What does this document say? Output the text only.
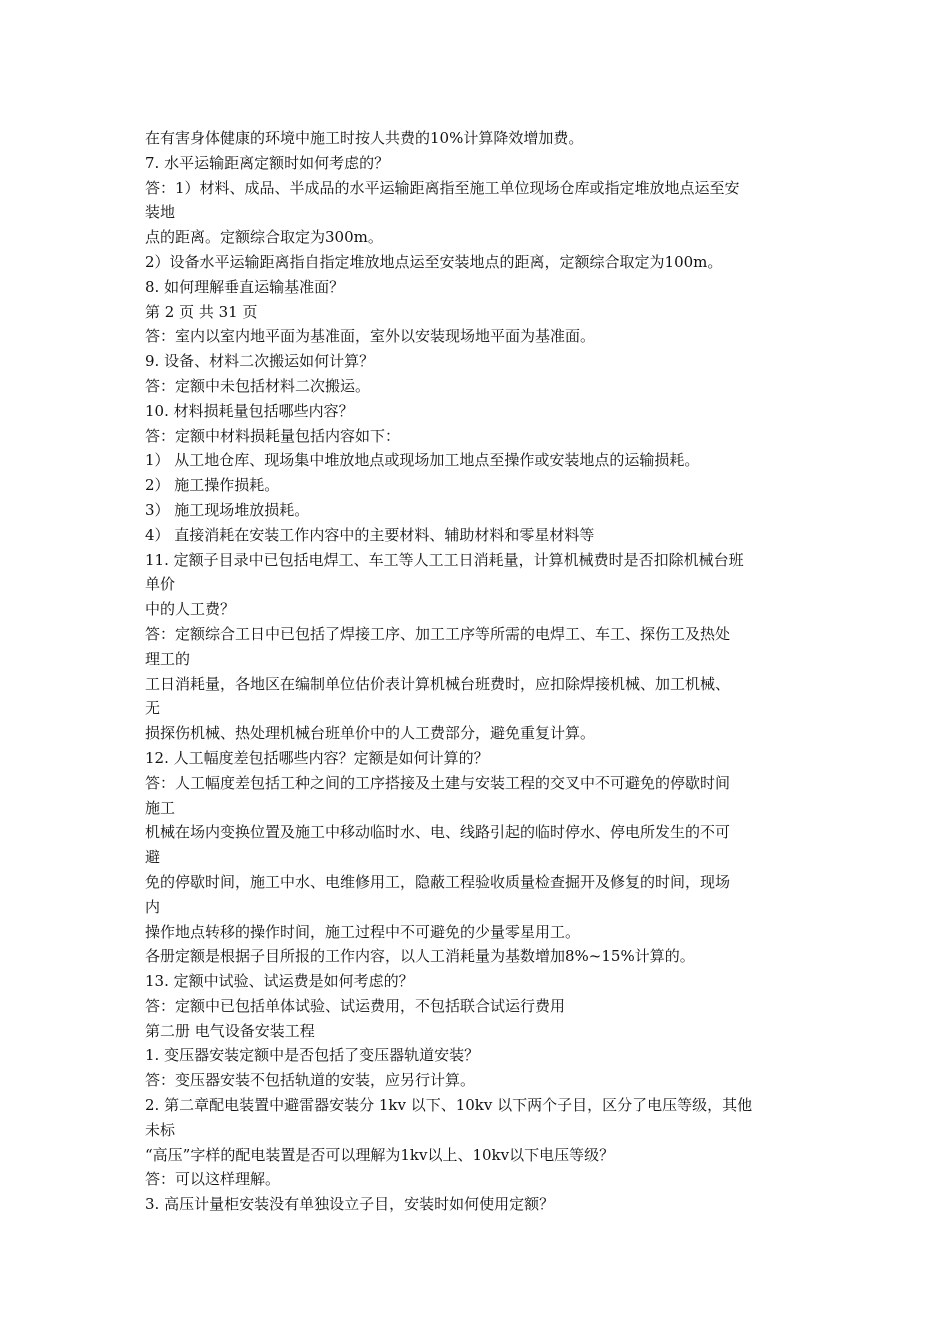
在有害身体健康的环境中施工时按人共费的10%计算降效增加费。

7. 水平运输距离定额时如何考虑的？

答：1）材料、成品、半成品的水平运输距离指至施工单位现场仓库或指定堆放地点运至安

装地

点的距离。定额综合取定为300m。

2）设备水平运输距离指自指定堆放地点运至安装地点的距离，定额综合取定为100m。

8. 如何理解垂直运输基准面？

第 2 页 共 31 页

答：室内以室内地平面为基准面，室外以安装现场地平面为基准面。

9. 设备、材料二次搬运如何计算？

答：定额中未包括材料二次搬运。

10. 材料损耗量包括哪些内容？

答：定额中材料损耗量包括内容如下：

1） 从工地仓库、现场集中堆放地点或现场加工地点至操作或安装地点的运输损耗。

2） 施工操作损耗。

3） 施工现场堆放损耗。

4） 直接消耗在安装工作内容中的主要材料、辅助材料和零星材料等

11. 定额子目录中已包括电焊工、车工等人工工日消耗量，计算机械费时是否扣除机械台班

单价

中的人工费？

答：定额综合工日中已包括了焊接工序、加工工序等所需的电焊工、车工、探伤工及热处

理工的

工日消耗量，各地区在编制单位估价表计算机械台班费时，应扣除焊接机械、加工机械、

无

损探伤机械、热处理机械台班单价中的人工费部分，避免重复计算。

12. 人工幅度差包括哪些内容？定额是如何计算的？

答：人工幅度差包括工种之间的工序搭接及土建与安装工程的交叉中不可避免的停歇时间

施工

机械在场内变换位置及施工中移动临时水、电、线路引起的临时停水、停电所发生的不可

避

免的停歇时间，施工中水、电维修用工，隐蔽工程验收质量检查掘开及修复的时间，现场

内

操作地点转移的操作时间，施工过程中不可避免的少量零星用工。

各册定额是根据子目所报的工作内容，以人工消耗量为基数增加8%~15%计算的。

13. 定额中试验、试运费是如何考虑的？

答：定额中已包括单体试验、试运费用，不包括联合试运行费用

第二册 电气设备安装工程

1. 变压器安装定额中是否包括了变压器轨道安装？

答：变压器安装不包括轨道的安装，应另行计算。

2. 第二章配电装置中避雷器安装分 1kv 以下、10kv 以下两个子目，区分了电压等级，其他

未标

“高压”字样的配电装置是否可以理解为1kv以上、10kv以下电压等级？

答：可以这样理解。

3. 高压计量柜安装没有单独设立子目，安装时如何使用定额？
